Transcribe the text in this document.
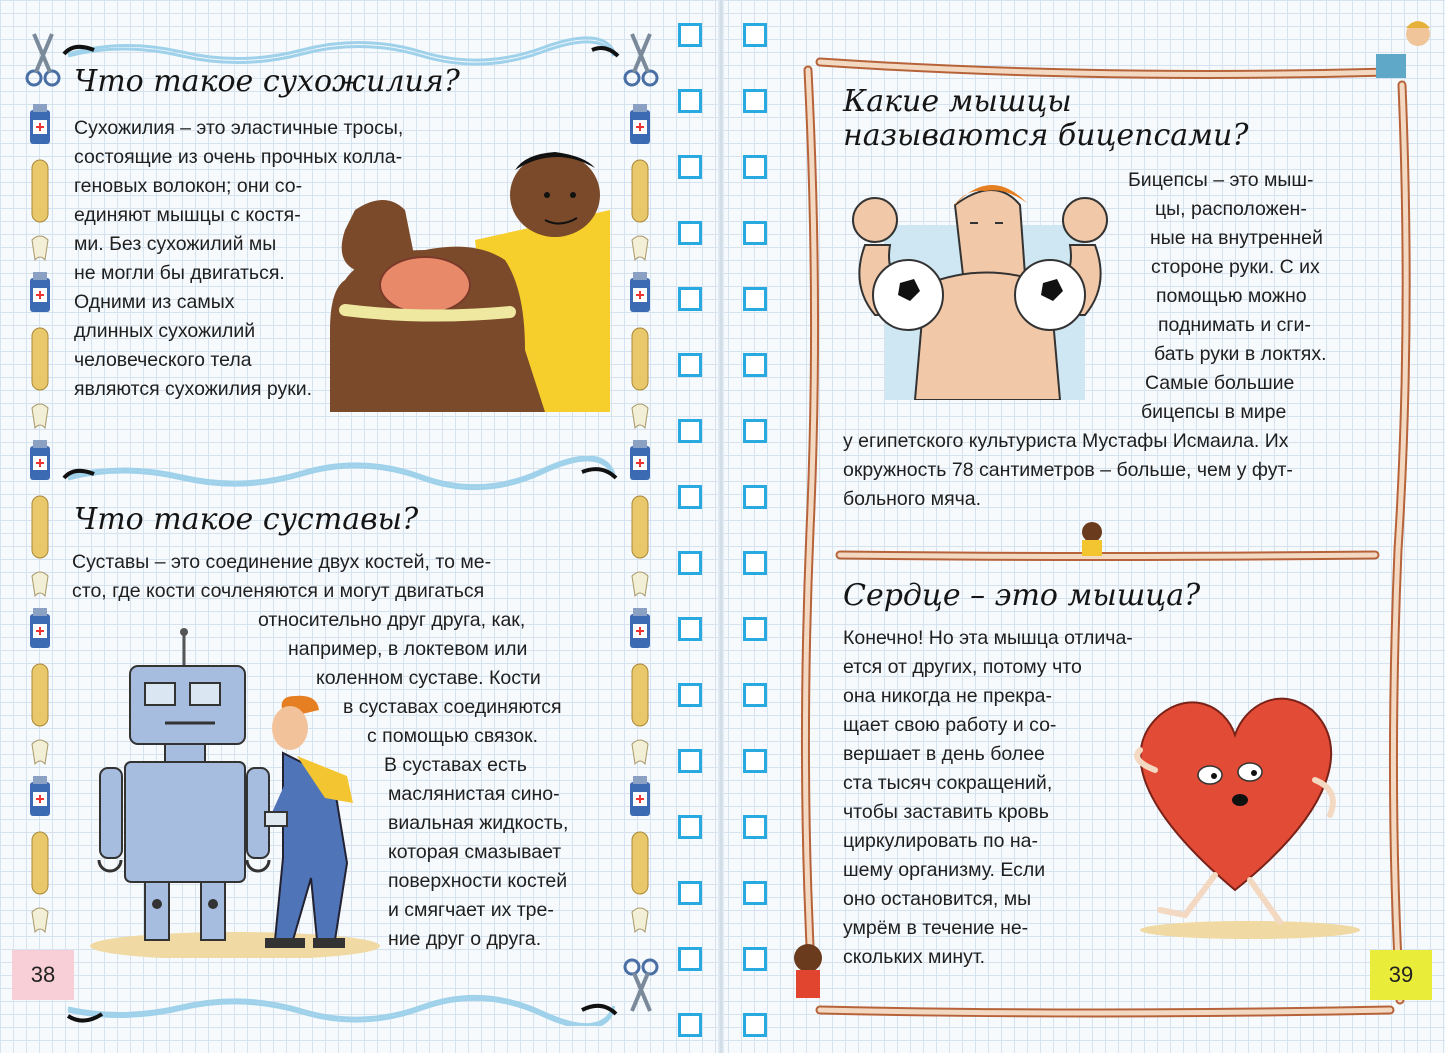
Что такое сухожилия?
Сухожилия – это эластичные тросы,
состоящие из очень прочных колла-
геновых волокон; они со-
единяют мышцы с костя-
ми. Без сухожилий мы
не могли бы двигаться.
Одними из самых
длинных сухожилий
человеческого тела
являются сухожилия руки.
Что такое суставы?
Суставы – это соединение двух костей, то ме-
сто, где кости сочленяются и могут двигаться
относительно друг друга, как,
например, в локтевом или
коленном суставе. Кости
в суставах соединяются
с помощью связок.
В суставах есть
маслянистая сино-
виальная жидкость,
которая смазывает
поверхности костей
и смягчает их тре-
ние друг о друга.
38
Какие мышцы
называются бицепсами?
Бицепсы – это мыш-
цы, расположен-
ные на внутренней
стороне руки. С их
помощью можно
поднимать и сги-
бать руки в локтях.
Самые большие
бицепсы в мире
у египетского культуриста Мустафы Исмаила. Их
окружность 78 сантиметров – больше, чем у фут-
больного мяча.
Сердце – это мышца?
Конечно! Но эта мышца отлича-
ется от других, потому что
она никогда не прекра-
щает свою работу и со-
вершает в день более
ста тысяч сокращений,
чтобы заставить кровь
циркулировать по на-
шему организму. Если
оно остановится, мы
умрём в течение не-
скольких минут.
39
